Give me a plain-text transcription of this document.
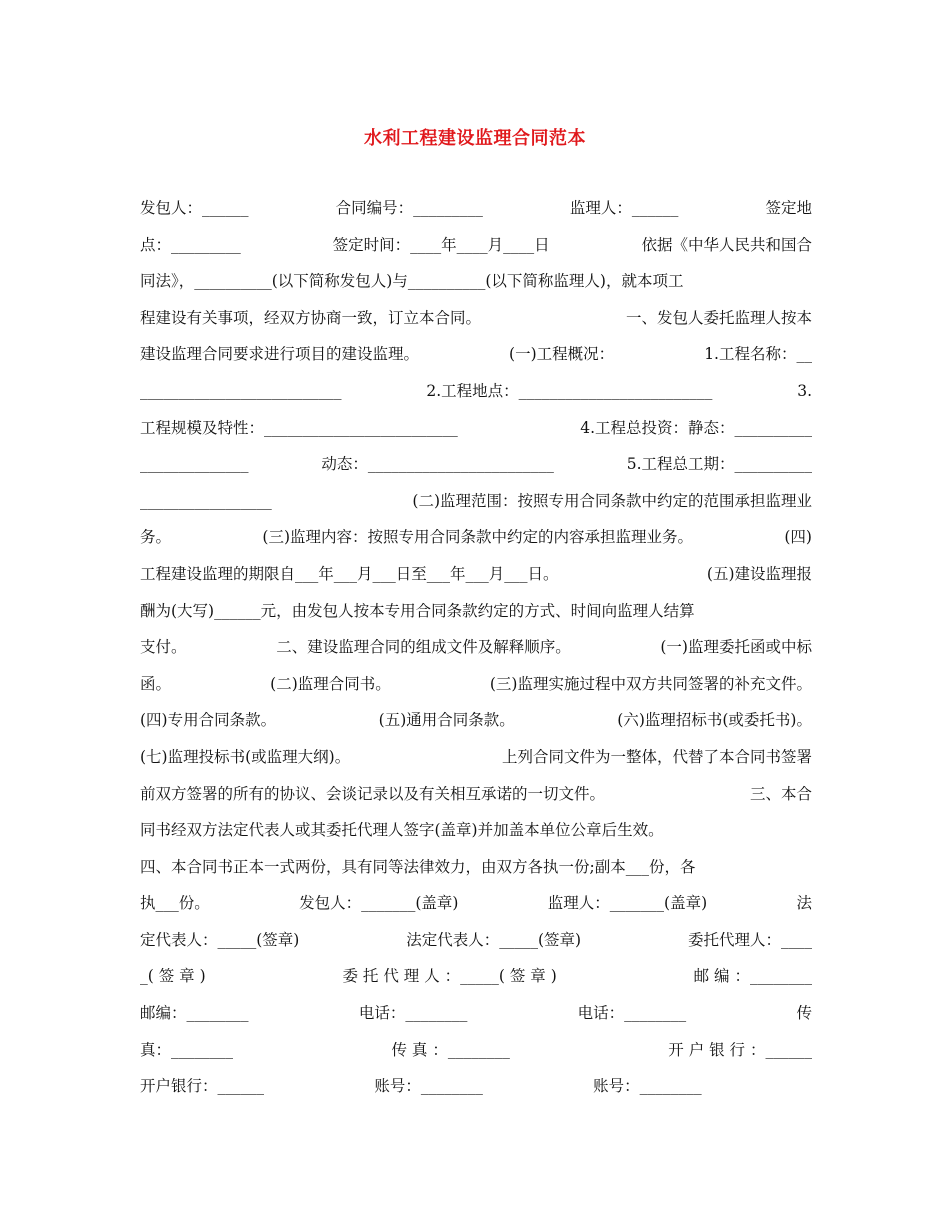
水利工程建设监理合同范本
发包人：______	合同编号：_________	监理人：______	签定地
点：_________	签定时间：____年____月____日	依据《中华人民共和国合
同法》，__________(以下简称发包人)与__________(以下简称监理人)，就本项工
程建设有关事项，经双方协商一致，订立本合同。	一、发包人委托监理人按本
建设监理合同要求进行项目的建设监理。	(一)工程概况：	1.工程名称：__
__________________________	2.工程地点：_________________________	3.
工程规模及特性：_________________________	4.工程总投资：静态：__________
______________	动态：________________________	5.工程总工期：__________
_________________	(二)监理范围：按照专用合同条款中约定的范围承担监理业
务。	(三)监理内容：按照专用合同条款中约定的内容承担监理业务。	(四)
工程建设监理的期限自___年___月___日至___年___月___日。	(五)建设监理报
酬为(大写)______元，由发包人按本专用合同条款约定的方式、时间向监理人结算
支付。	二、建设监理合同的组成文件及解释顺序。	(一)监理委托函或中标
函。	(二)监理合同书。	(三)监理实施过程中双方共同签署的补充文件。
(四)专用合同条款。	(五)通用合同条款。	(六)监理招标书(或委托书)。
(七)监理投标书(或监理大纲)。	上列合同文件为一整体，代替了本合同书签署
前双方签署的所有的协议、会谈记录以及有关相互承诺的一切文件。	三、本合
同书经双方法定代表人或其委托代理人签字(盖章)并加盖本单位公章后生效。
四、本合同书正本一式两份，具有同等法律效力，由双方各执一份;副本___份，各
执___份。	发包人：_______(盖章)	监理人：_______(盖章)	法
定代表人：_____(签章)	法定代表人：_____(签章)	委托代理人：____
_( 签 章 )	委 托 代 理 人 ：_____( 签 章 )	邮 编 ：________
邮编：________	电话：________	电话：________	传
真：________	传 真 ：________	开 户 银 行 ：______
开户银行：______	账号：________	账号：________
